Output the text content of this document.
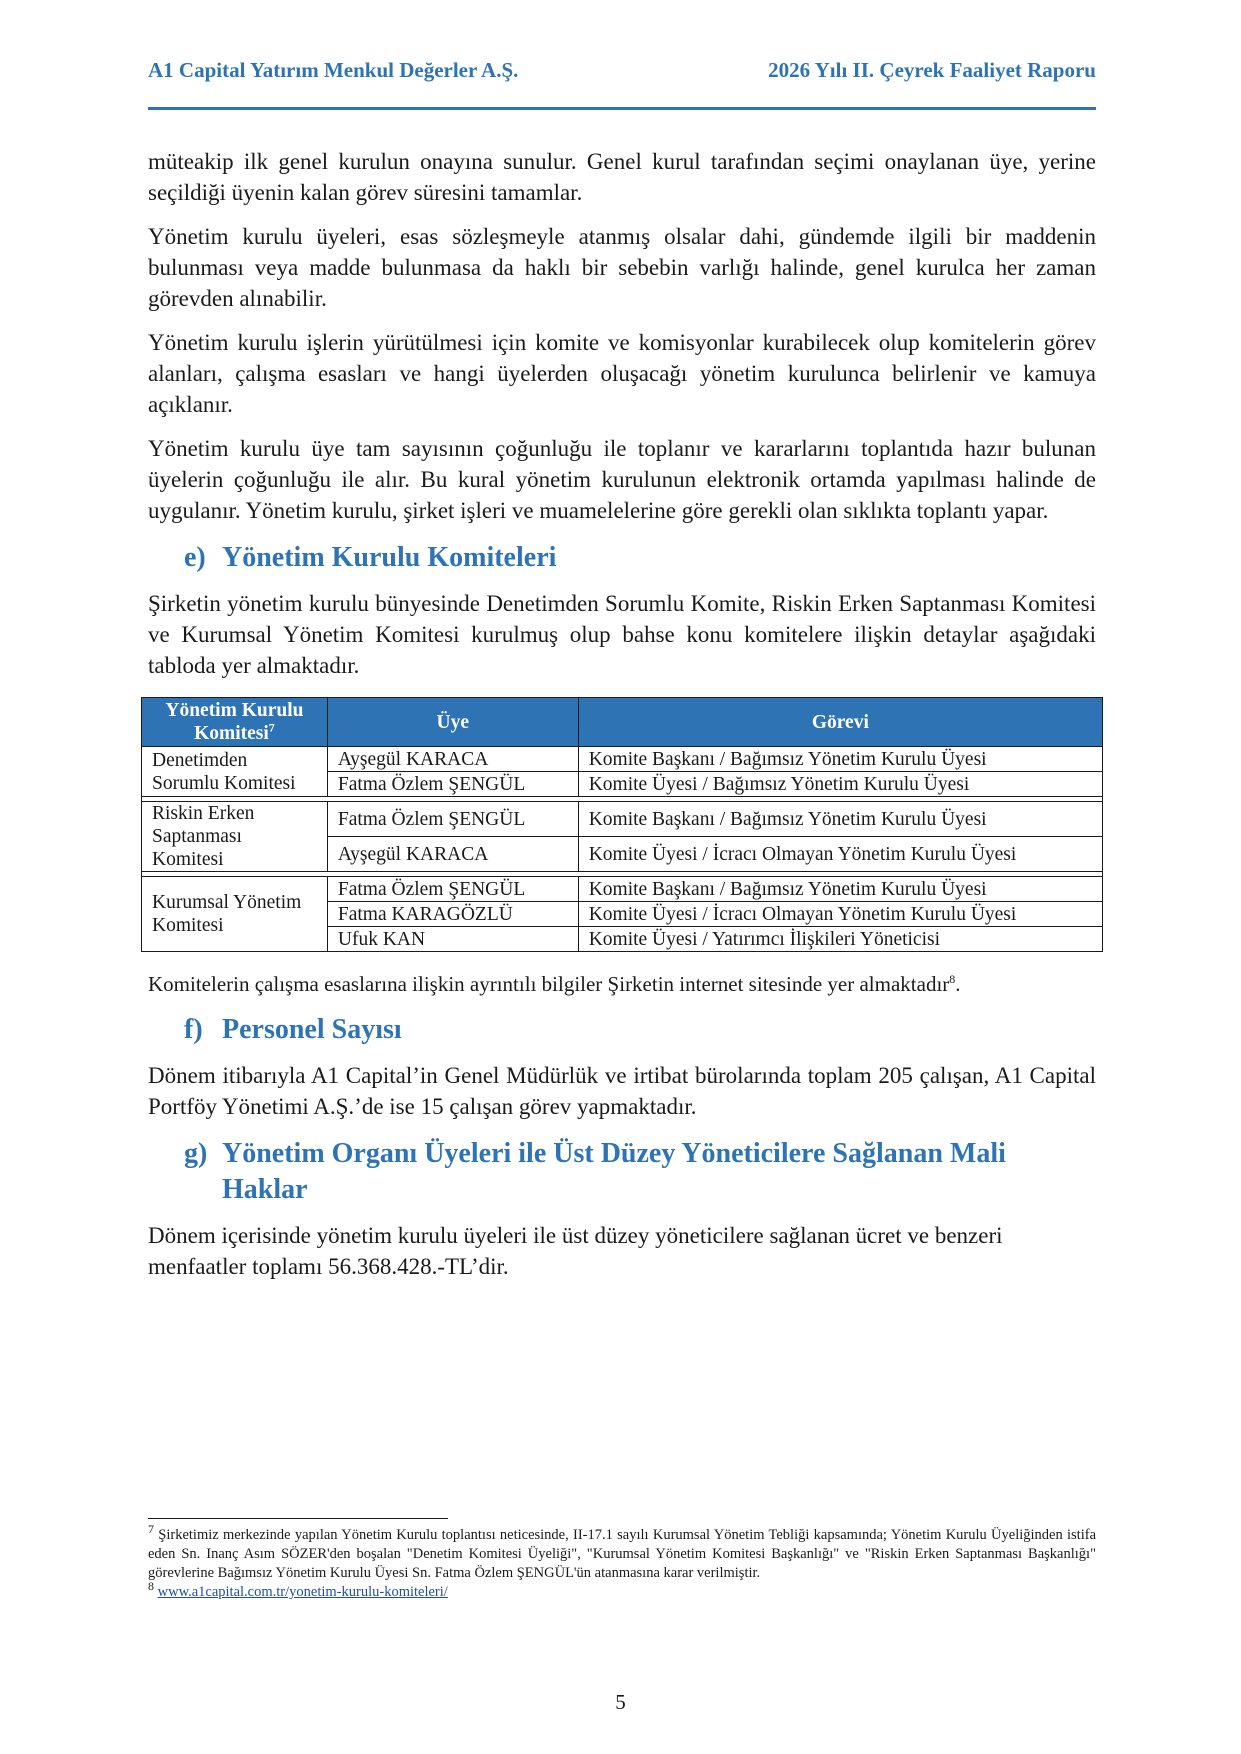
A1 Capital Yatırım Menkul Değerler A.Ş.	2026 Yılı II. Çeyrek Faaliyet Raporu

müteakip ilk genel kurulun onayına sunulur. Genel kurul tarafından seçimi onaylanan üye, yerine seçildiği üyenin kalan görev süresini tamamlar.

Yönetim kurulu üyeleri, esas sözleşmeyle atanmış olsalar dahi, gündemde ilgili bir maddenin bulunması veya madde bulunmasa da haklı bir sebebin varlığı halinde, genel kurulca her zaman görevden alınabilir.

Yönetim kurulu işlerin yürütülmesi için komite ve komisyonlar kurabilecek olup komitelerin görev alanları, çalışma esasları ve hangi üyelerden oluşacağı yönetim kurulunca belirlenir ve kamuya açıklanır.

Yönetim kurulu üye tam sayısının çoğunluğu ile toplanır ve kararlarını toplantıda hazır bulunan üyelerin çoğunluğu ile alır. Bu kural yönetim kurulunun elektronik ortamda yapılması halinde de uygulanır. Yönetim kurulu, şirket işleri ve muamelelerine göre gerekli olan sıklıkta toplantı yapar.

e) Yönetim Kurulu Komiteleri

Şirketin yönetim kurulu bünyesinde Denetimden Sorumlu Komite, Riskin Erken Saptanması Komitesi ve Kurumsal Yönetim Komitesi kurulmuş olup bahse konu komitelere ilişkin detaylar aşağıdaki tabloda yer almaktadır.

Yönetim Kurulu Komitesi$^7$	Üye	Görevi
Denetimden Sorumlu Komitesi	Ayşegül KARACA	Komite Başkanı / Bağımsız Yönetim Kurulu Üyesi
	Fatma Özlem ŞENGÜL	Komite Üyesi / Bağımsız Yönetim Kurulu Üyesi

Riskin Erken Saptanması Komitesi	Fatma Özlem ŞENGÜL	Komite Başkanı / Bağımsız Yönetim Kurulu Üyesi
	Ayşegül KARACA	Komite Üyesi / İcracı Olmayan Yönetim Kurulu Üyesi

Kurumsal Yönetim Komitesi	Fatma Özlem ŞENGÜL	Komite Başkanı / Bağımsız Yönetim Kurulu Üyesi
	Fatma KARAGÖZLÜ	Komite Üyesi / İcracı Olmayan Yönetim Kurulu Üyesi
	Ufuk KAN	Komite Üyesi / Yatırımcı İlişkileri Yöneticisi

Komitelerin çalışma esaslarına ilişkin ayrıntılı bilgiler Şirketin internet sitesinde yer almaktadır$^8$.

f) Personel Sayısı

Dönem itibarıyla A1 Capital’in Genel Müdürlük ve irtibat bürolarında toplam 205 çalışan, A1 Capital Portföy Yönetimi A.Ş.’de ise 15 çalışan görev yapmaktadır.

g) Yönetim Organı Üyeleri ile Üst Düzey Yöneticilere Sağlanan Mali Haklar

Dönem içerisinde yönetim kurulu üyeleri ile üst düzey yöneticilere sağlanan ücret ve benzeri menfaatler toplamı 56.368.428.-TL’dir.

$^7$ Şirketimiz merkezinde yapılan Yönetim Kurulu toplantısı neticesinde, II-17.1 sayılı Kurumsal Yönetim Tebliği kapsamında; Yönetim Kurulu Üyeliğinden istifa eden Sn. Inanç Asım SÖZER'den boşalan "Denetim Komitesi Üyeliği", "Kurumsal Yönetim Komitesi Başkanlığı" ve "Riskin Erken Saptanması Başkanlığı" görevlerine Bağımsız Yönetim Kurulu Üyesi Sn. Fatma Özlem ŞENGÜL'ün atanmasına karar verilmiştir.

$^8$ www.a1capital.com.tr/yonetim-kurulu-komiteleri/

5
